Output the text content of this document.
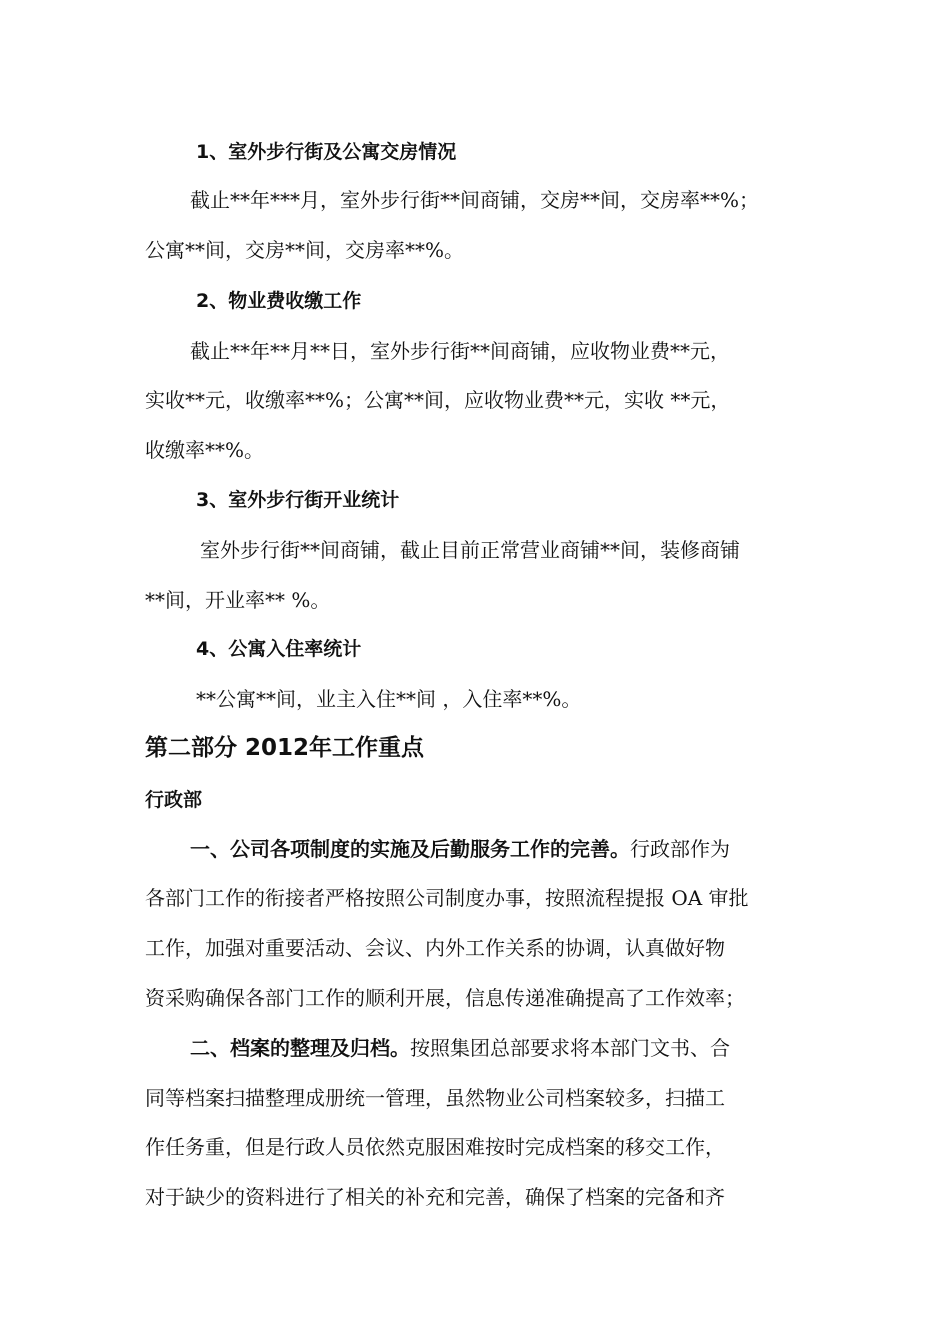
1、室外步行街及公寓交房情况
截止**年***月，室外步行街**间商铺，交房**间，交房率**%；
公寓**间，交房**间，交房率**%。
2、物业费收缴工作
截止**年**月**日，室外步行街**间商铺，应收物业费**元，
实收**元，收缴率**%；公寓**间，应收物业费**元，实收 **元，
收缴率**%。
3、室外步行街开业统计
室外步行街**间商铺，截止目前正常营业商铺**间，装修商铺
**间，开业率** %。
4、公寓入住率统计
**公寓**间，业主入住**间 ，入住率**%。
第二部分 2012年工作重点
行政部
一、公司各项制度的实施及后勤服务工作的完善。行政部作为
各部门工作的衔接者严格按照公司制度办事，按照流程提报 OA 审批
工作，加强对重要活动、会议、内外工作关系的协调，认真做好物
资采购确保各部门工作的顺利开展，信息传递准确提高了工作效率；
二、档案的整理及归档。按照集团总部要求将本部门文书、合
同等档案扫描整理成册统一管理，虽然物业公司档案较多，扫描工
作任务重，但是行政人员依然克服困难按时完成档案的移交工作，
对于缺少的资料进行了相关的补充和完善，确保了档案的完备和齐
